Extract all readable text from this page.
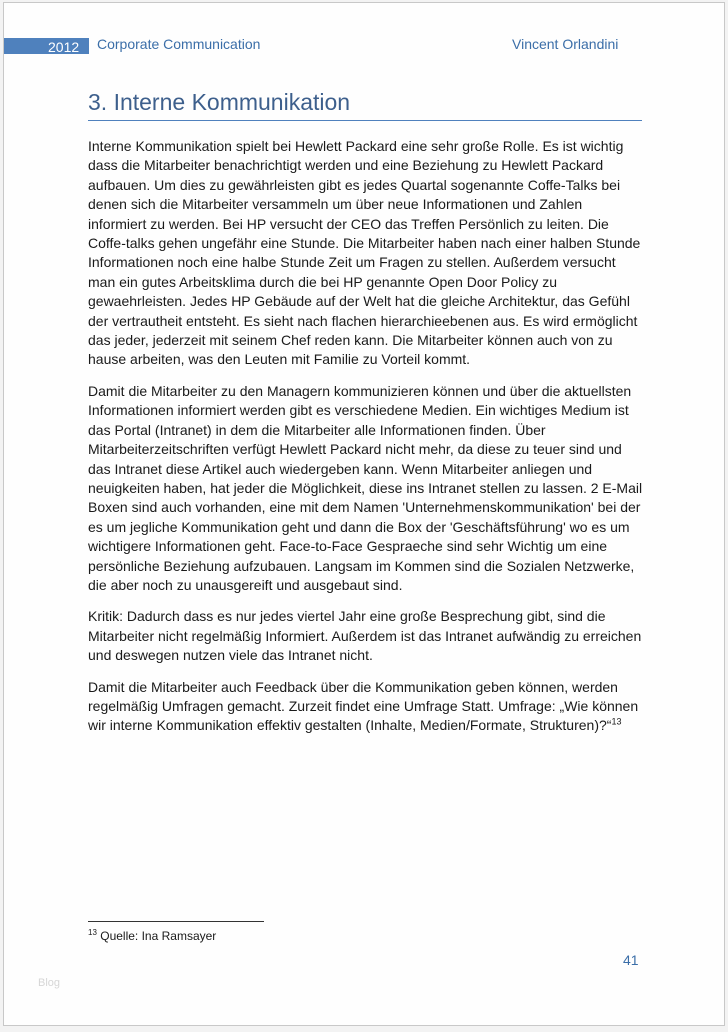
2012 Corporate Communication	Vincent Orlandini
3. Interne Kommunikation

Interne Kommunikation spielt bei Hewlett Packard eine sehr große Rolle. Es ist wichtig dass die Mitarbeiter benachrichtigt werden und eine Beziehung zu Hewlett Packard aufbauen. Um dies zu gewährleisten gibt es jedes Quartal sogenannte Coffe-Talks bei denen sich die Mitarbeiter versammeln um über neue Informationen und Zahlen informiert zu werden. Bei HP versucht der CEO das Treffen Persönlich zu leiten. Die Coffe-talks gehen ungefähr eine Stunde. Die Mitarbeiter haben nach einer halben Stunde Informationen noch eine halbe Stunde Zeit um Fragen zu stellen. Außerdem versucht man ein gutes Arbeitsklima durch die bei HP genannte Open Door Policy zu gewaehrleisten. Jedes HP Gebäude auf der Welt hat die gleiche Architektur, das Gefühl der vertrautheit entsteht. Es sieht nach flachen hierarchieebenen aus. Es wird ermöglicht das jeder, jederzeit mit seinem Chef reden kann. Die Mitarbeiter können auch von zu hause arbeiten, was den Leuten mit Familie zu Vorteil kommt.

Damit die Mitarbeiter zu den Managern kommunizieren können und über die aktuellsten Informationen informiert werden gibt es verschiedene Medien. Ein wichtiges Medium ist das Portal (Intranet) in dem die Mitarbeiter alle Informationen finden. Über Mitarbeiterzeitschriften verfügt Hewlett Packard nicht mehr, da diese zu teuer sind und das Intranet diese Artikel auch wiedergeben kann. Wenn Mitarbeiter anliegen und neuigkeiten haben, hat jeder die Möglichkeit, diese ins Intranet stellen zu lassen. 2 E-Mail Boxen sind auch vorhanden, eine mit dem Namen 'Unternehmenskommunikation' bei der es um jegliche Kommunikation geht und dann die Box der 'Geschäftsführung' wo es um wichtigere Informationen geht. Face-to-Face Gespraeche sind sehr Wichtig um eine persönliche Beziehung aufzubauen. Langsam im Kommen sind die Sozialen Netzwerke, die aber noch zu unausgereift und ausgebaut sind.

Kritik: Dadurch dass es nur jedes viertel Jahr eine große Besprechung gibt, sind die Mitarbeiter nicht regelmäßig Informiert. Außerdem ist das Intranet aufwändig zu erreichen und deswegen nutzen viele das Intranet nicht.

Damit die Mitarbeiter auch Feedback über die Kommunikation geben können, werden regelmäßig Umfragen gemacht. Zurzeit findet eine Umfrage Statt. Umfrage: „Wie können wir interne Kommunikation effektiv gestalten (Inhalte, Medien/Formate, Strukturen)?“$^{13}$

$^{13}$ Quelle: Ina Ramsayer
41
Blog
